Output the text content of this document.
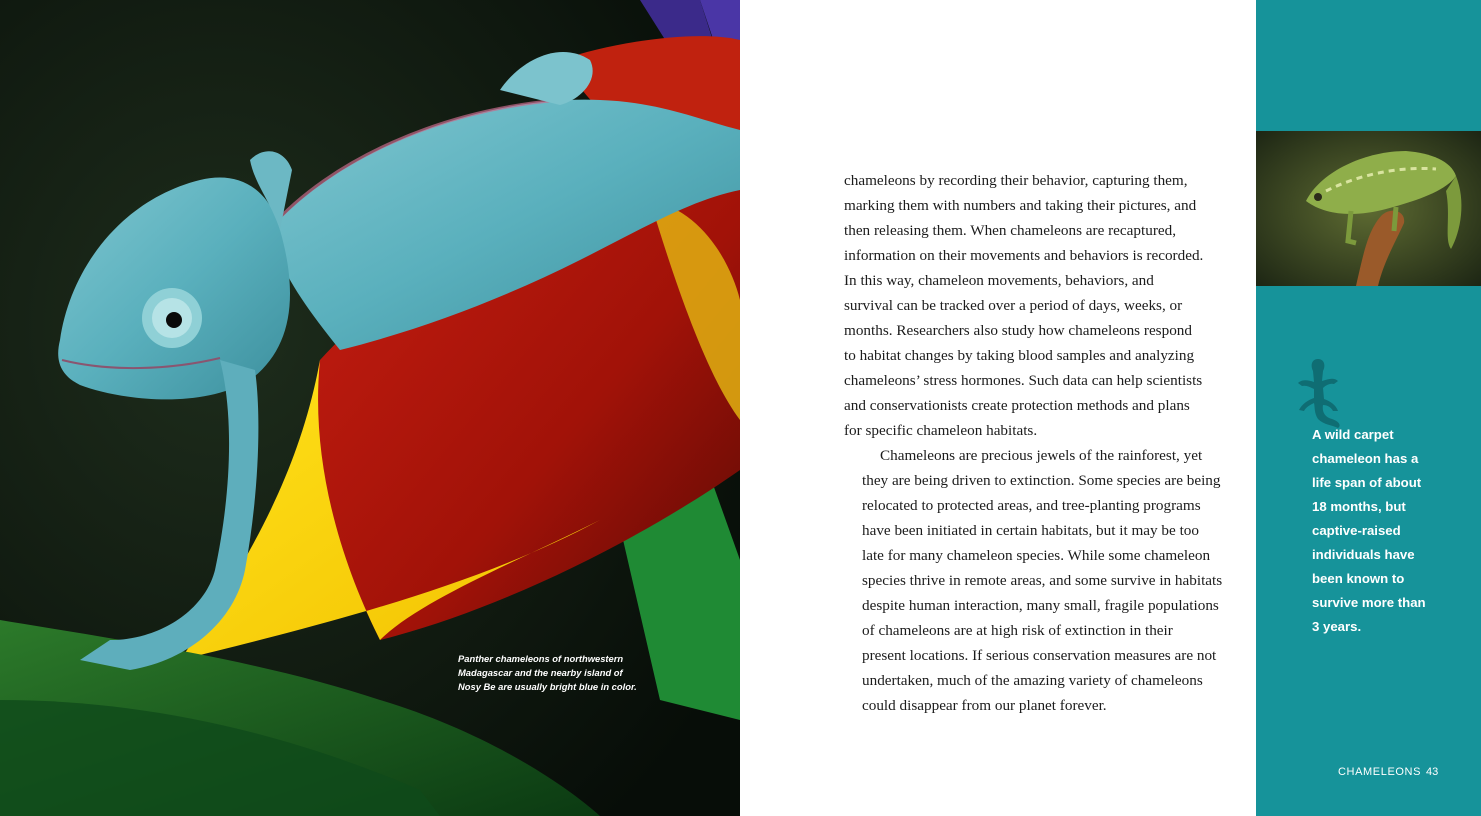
Panther chameleons of northwestern
Madagascar and the nearby island of
Nosy Be are usually bright blue in color.

chameleons by recording their behavior, capturing them,
marking them with numbers and taking their pictures, and
then releasing them. When chameleons are recaptured,
information on their movements and behaviors is recorded.
In this way, chameleon movements, behaviors, and
survival can be tracked over a period of days, weeks, or
months. Researchers also study how chameleons respond
to habitat changes by taking blood samples and analyzing
chameleons’ stress hormones. Such data can help scientists
and conservationists create protection methods and plans
for specific chameleon habitats.

Chameleons are precious jewels of the rainforest, yet
they are being driven to extinction. Some species are being
relocated to protected areas, and tree-planting programs
have been initiated in certain habitats, but it may be too
late for many chameleon species. While some chameleon
species thrive in remote areas, and some survive in habitats
despite human interaction, many small, fragile populations
of chameleons are at high risk of extinction in their
present locations. If serious conservation measures are not
undertaken, much of the amazing variety of chameleons
could disappear from our planet forever.

A wild carpet
chameleon has a
life span of about
18 months, but
captive-raised
individuals have
been known to
survive more than
3 years.
CHAMELEONS 43
